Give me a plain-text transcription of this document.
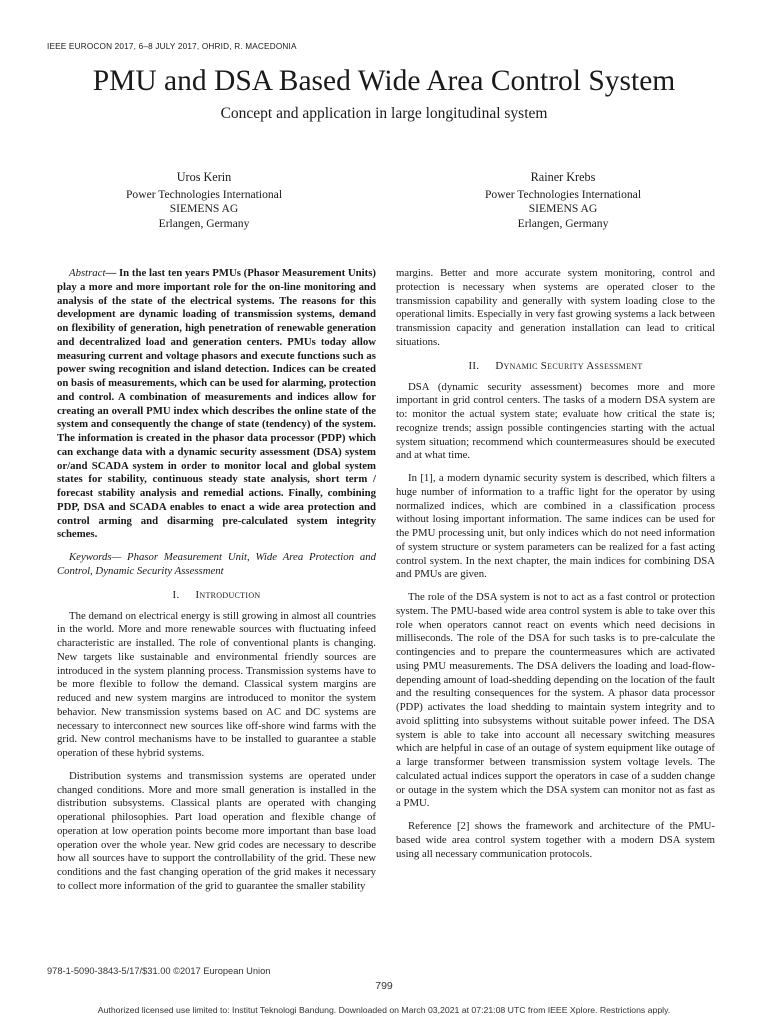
IEEE EUROCON 2017, 6–8 JULY 2017, OHRID, R. MACEDONIA
PMU and DSA Based Wide Area Control System
Concept and application in large longitudinal system
Uros Kerin
Power Technologies International
SIEMENS AG
Erlangen, Germany
Rainer Krebs
Power Technologies International
SIEMENS AG
Erlangen, Germany

Abstract— In the last ten years PMUs (Phasor Measurement Units) play a more and more important role for the on-line monitoring and analysis of the state of the electrical systems. The reasons for this development are dynamic loading of transmission systems, demand on flexibility of generation, high penetration of renewable generation and decentralized load and generation centers. PMUs today allow measuring current and voltage phasors and execute functions such as power swing recognition and island detection. Indices can be created on basis of measurements, which can be used for alarming, protection and control. A combination of measurements and indices allow for creating an overall PMU index which describes the online state of the system and consequently the change of state (tendency) of the system. The information is created in the phasor data processor (PDP) which can exchange data with a dynamic security assessment (DSA) system or/and SCADA system in order to monitor local and global system states for stability, continuous steady state analysis, short term / forecast stability analysis and remedial actions. Finally, combining PDP, DSA and SCADA enables to enact a wide area protection and control arming and disarming pre-calculated system integrity schemes.

Keywords— Phasor Measurement Unit, Wide Area Protection and Control, Dynamic Security Assessment

I. Introduction

The demand on electrical energy is still growing in almost all countries in the world. More and more renewable sources with fluctuating infeed characteristic are installed. The role of conventional plants is changing. New targets like sustainable and environmental friendly sources are introduced in the system planning process. Transmission systems have to be more flexible to follow the demand. Classical system margins are reduced and new system margins are introduced to monitor the system behavior. New transmission systems based on AC and DC systems are necessary to interconnect new sources like off-shore wind farms with the grid. New control mechanisms have to be installed to guarantee a stable operation of these hybrid systems.

Distribution systems and transmission systems are operated under changed conditions. More and more small generation is installed in the distribution subsystems. Classical plants are operated with changing operational philosophies. Part load operation and flexible change of operation at low operation points become more important than base load operation over the whole year. New grid codes are necessary to describe how all sources have to support the controllability of the grid. These new conditions and the fast changing operation of the grid makes it necessary to collect more information of the grid to guarantee the smaller stability

margins. Better and more accurate system monitoring, control and protection is necessary when systems are operated closer to the transmission capability and generally with system loading close to the operational limits. Especially in very fast growing systems a lack between transmission capacity and generation installation can lead to critical situations.

II. Dynamic Security Assessment

DSA (dynamic security assessment) becomes more and more important in grid control centers. The tasks of a modern DSA system are to: monitor the actual system state; evaluate how critical the state is; recognize trends; assign possible contingencies starting with the actual system situation; recommend which countermeasures should be executed and at what time.

In [1], a modern dynamic security system is described, which filters a huge number of information to a traffic light for the operator by using normalized indices, which are combined in a classification process without losing important information. The same indices can be used for the PMU processing unit, but only indices which do not need information of system structure or system parameters can be realized for a fast acting control system. In the next chapter, the main indices for combining DSA and PMUs are given.

The role of the DSA system is not to act as a fast control or protection system. The PMU-based wide area control system is able to take over this role when operators cannot react on events which need decisions in milliseconds. The role of the DSA for such tasks is to pre-calculate the contingencies and to prepare the countermeasures which are activated using PMU measurements. The DSA delivers the loading and load-flow-depending amount of load-shedding depending on the location of the fault and the resulting consequences for the system. A phasor data processor (PDP) activates the load shedding to maintain system integrity and to avoid splitting into subsystems without suitable power infeed. The DSA system is able to take into account all necessary switching measures which are helpful in case of an outage of system equipment like outage of a large transformer between transmission system voltage levels. The calculated actual indices support the operators in case of a sudden change or outage in the system which the DSA system can monitor not as fast as a PMU.

Reference [2] shows the framework and architecture of the PMU-based wide area control system together with a modern DSA system using all necessary communication protocols.

978-1-5090-3843-5/17/$31.00 ©2017 European Union
799
Authorized licensed use limited to: Institut Teknologi Bandung. Downloaded on March 03,2021 at 07:21:08 UTC from IEEE Xplore. Restrictions apply.
